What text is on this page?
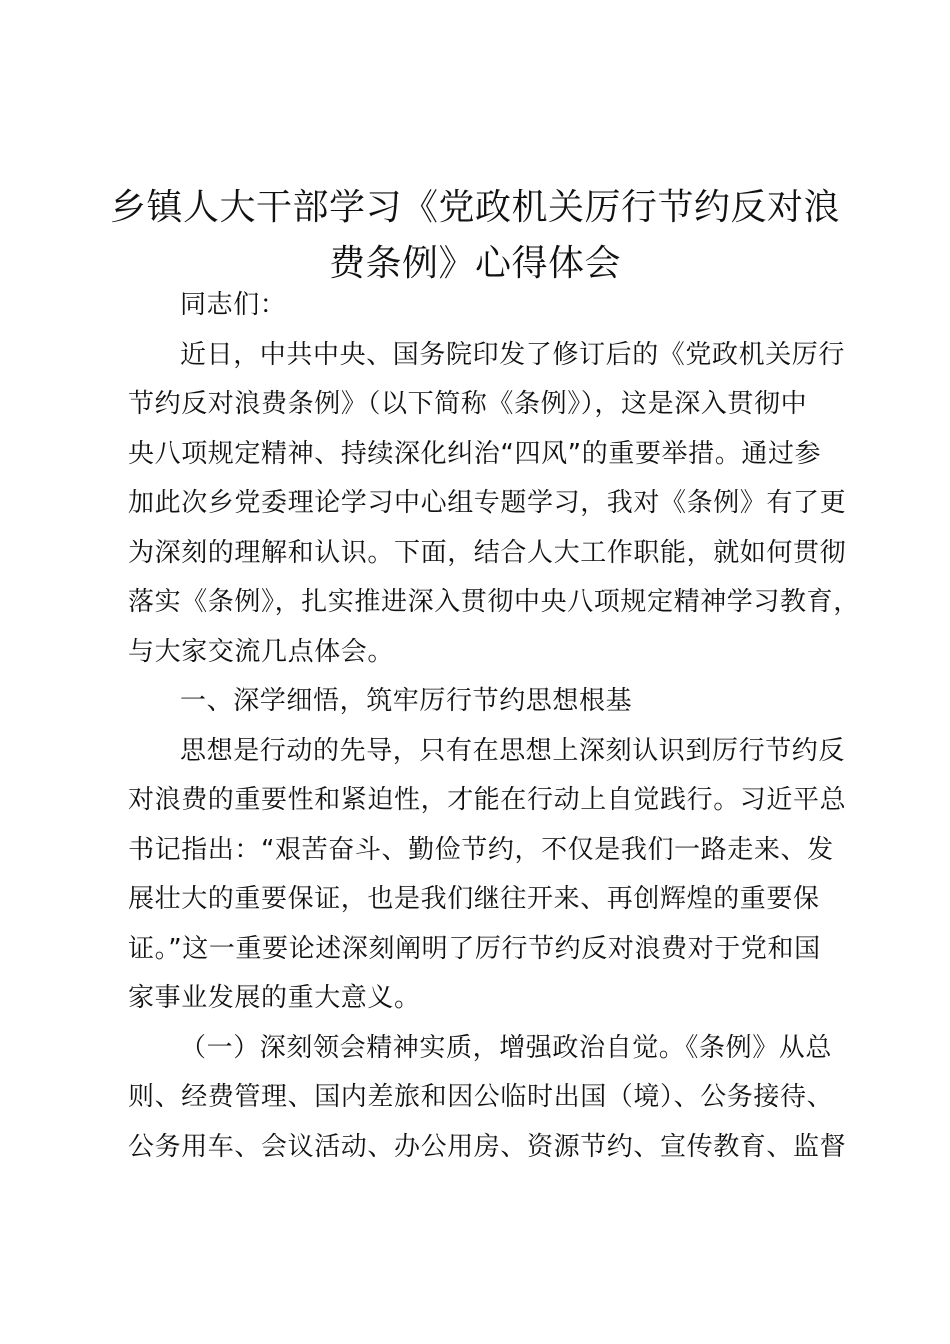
乡镇人大干部学习《党政机关厉行节约反对浪
费条例》心得体会

同志们：

近日，中共中央、国务院印发了修订后的《党政机关厉行
节约反对浪费条例》（以下简称《条例》），这是深入贯彻中
央八项规定精神、持续深化纠治“四风”的重要举措。通过参
加此次乡党委理论学习中心组专题学习，我对《条例》有了更
为深刻的理解和认识。下面，结合人大工作职能，就如何贯彻
落实《条例》，扎实推进深入贯彻中央八项规定精神学习教育，
与大家交流几点体会。

一、深学细悟，筑牢厉行节约思想根基

思想是行动的先导，只有在思想上深刻认识到厉行节约反
对浪费的重要性和紧迫性，才能在行动上自觉践行。习近平总
书记指出：“艰苦奋斗、勤俭节约，不仅是我们一路走来、发
展壮大的重要保证，也是我们继往开来、再创辉煌的重要保
证。”这一重要论述深刻阐明了厉行节约反对浪费对于党和国
家事业发展的重大意义。

（一）深刻领会精神实质，增强政治自觉。《条例》从总
则、经费管理、国内差旅和因公临时出国（境）、公务接待、
公务用车、会议活动、办公用房、资源节约、宣传教育、监督
